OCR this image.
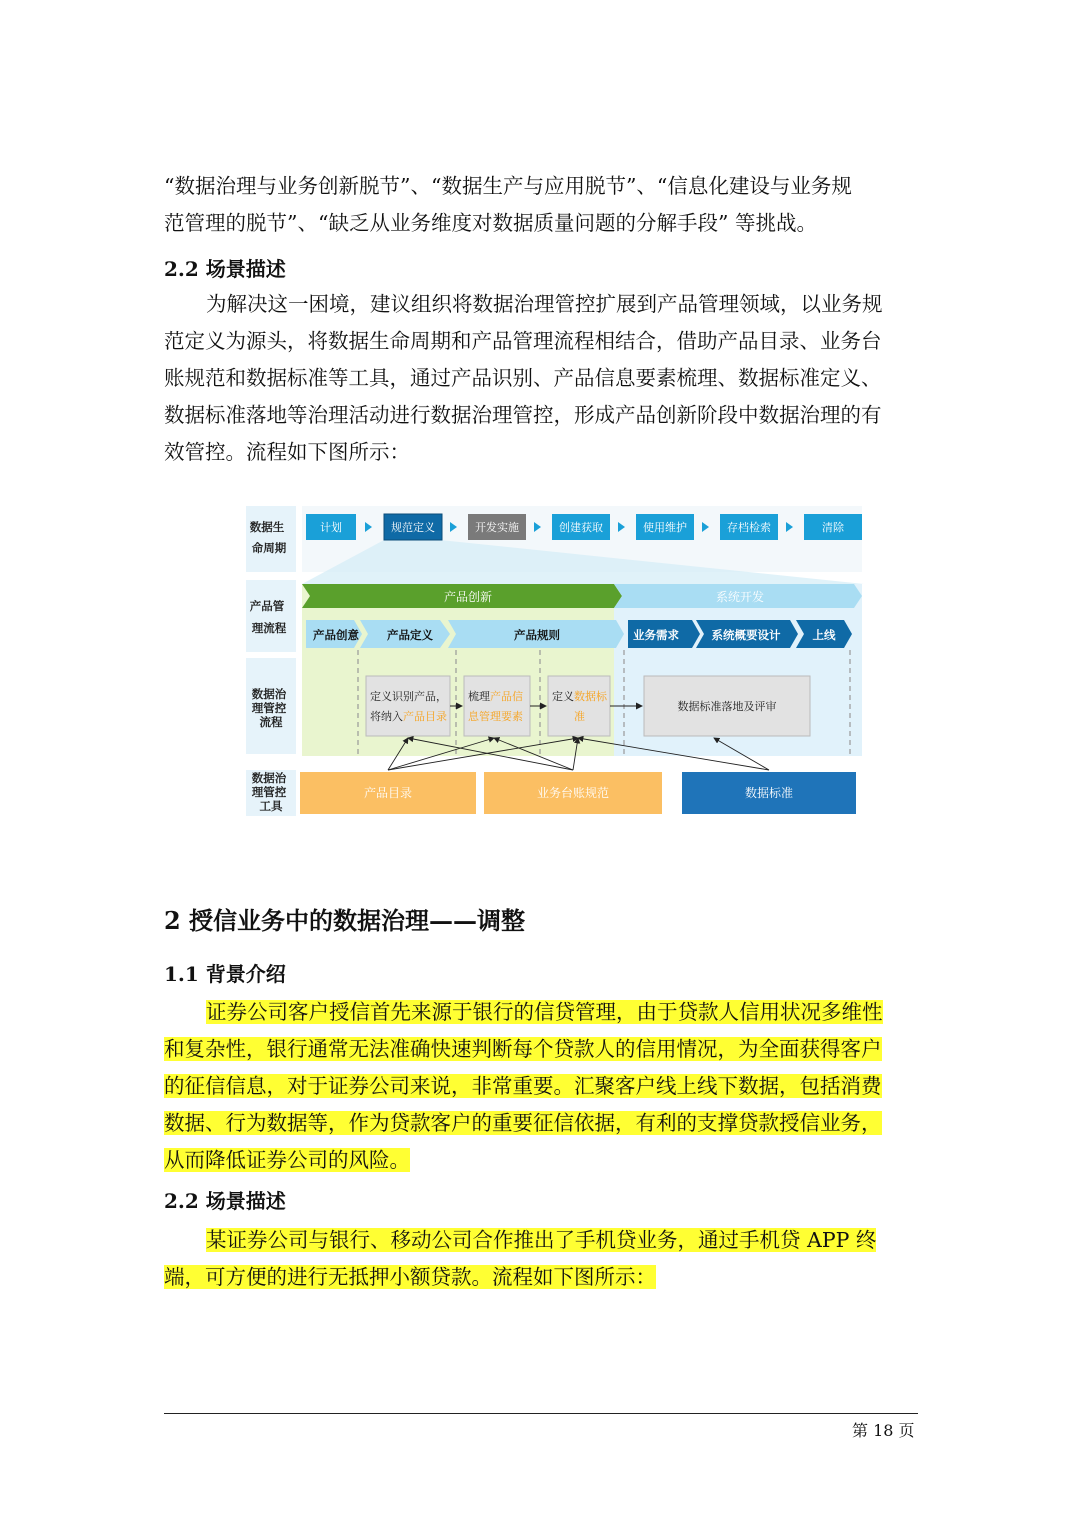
“数据治理与业务创新脱节”、“数据生产与应用脱节”、“信息化建设与业务规
范管理的脱节”、“缺乏从业务维度对数据质量问题的分解手段” 等挑战。

2.2 场景描述

为解决这一困境，建议组织将数据治理管控扩展到产品管理领域，以业务规
范定义为源头，将数据生命周期和产品管理流程相结合，借助产品目录、业务台
账规范和数据标准等工具，通过产品识别、产品信息要素梳理、数据标准定义、
数据标准落地等治理活动进行数据治理管控，形成产品创新阶段中数据治理的有
效管控。流程如下图所示：

数据生 命周期
产品管 理流程
数据治 理管控 流程
数据治 理管控 工具
计划	规范定义	开发实施	创建获取	使用维护	存档检索	清除
产品创新	系统开发
产品创意 产品定义	产品规则	业务需求	系统概要设计	上线
定义识别产品， 将纳入产品目录
梳理产品信 息管理要素
定义数据标 准
数据标准落地及评审
产品目录	业务台账规范	数据标准

2 授信业务中的数据治理——调整

1.1 背景介绍

证券公司客户授信首先来源于银行的信贷管理，由于贷款人信用状况多维性
和复杂性，银行通常无法准确快速判断每个贷款人的信用情况，为全面获得客户
的征信信息，对于证券公司来说，非常重要。汇聚客户线上线下数据，包括消费
数据、行为数据等，作为贷款客户的重要征信依据，有利的支撑贷款授信业务，
从而降低证券公司的风险。

2.2 场景描述

某证券公司与银行、移动公司合作推出了手机贷业务，通过手机贷 APP 终
端，可方便的进行无抵押小额贷款。流程如下图所示：

第 18 页
